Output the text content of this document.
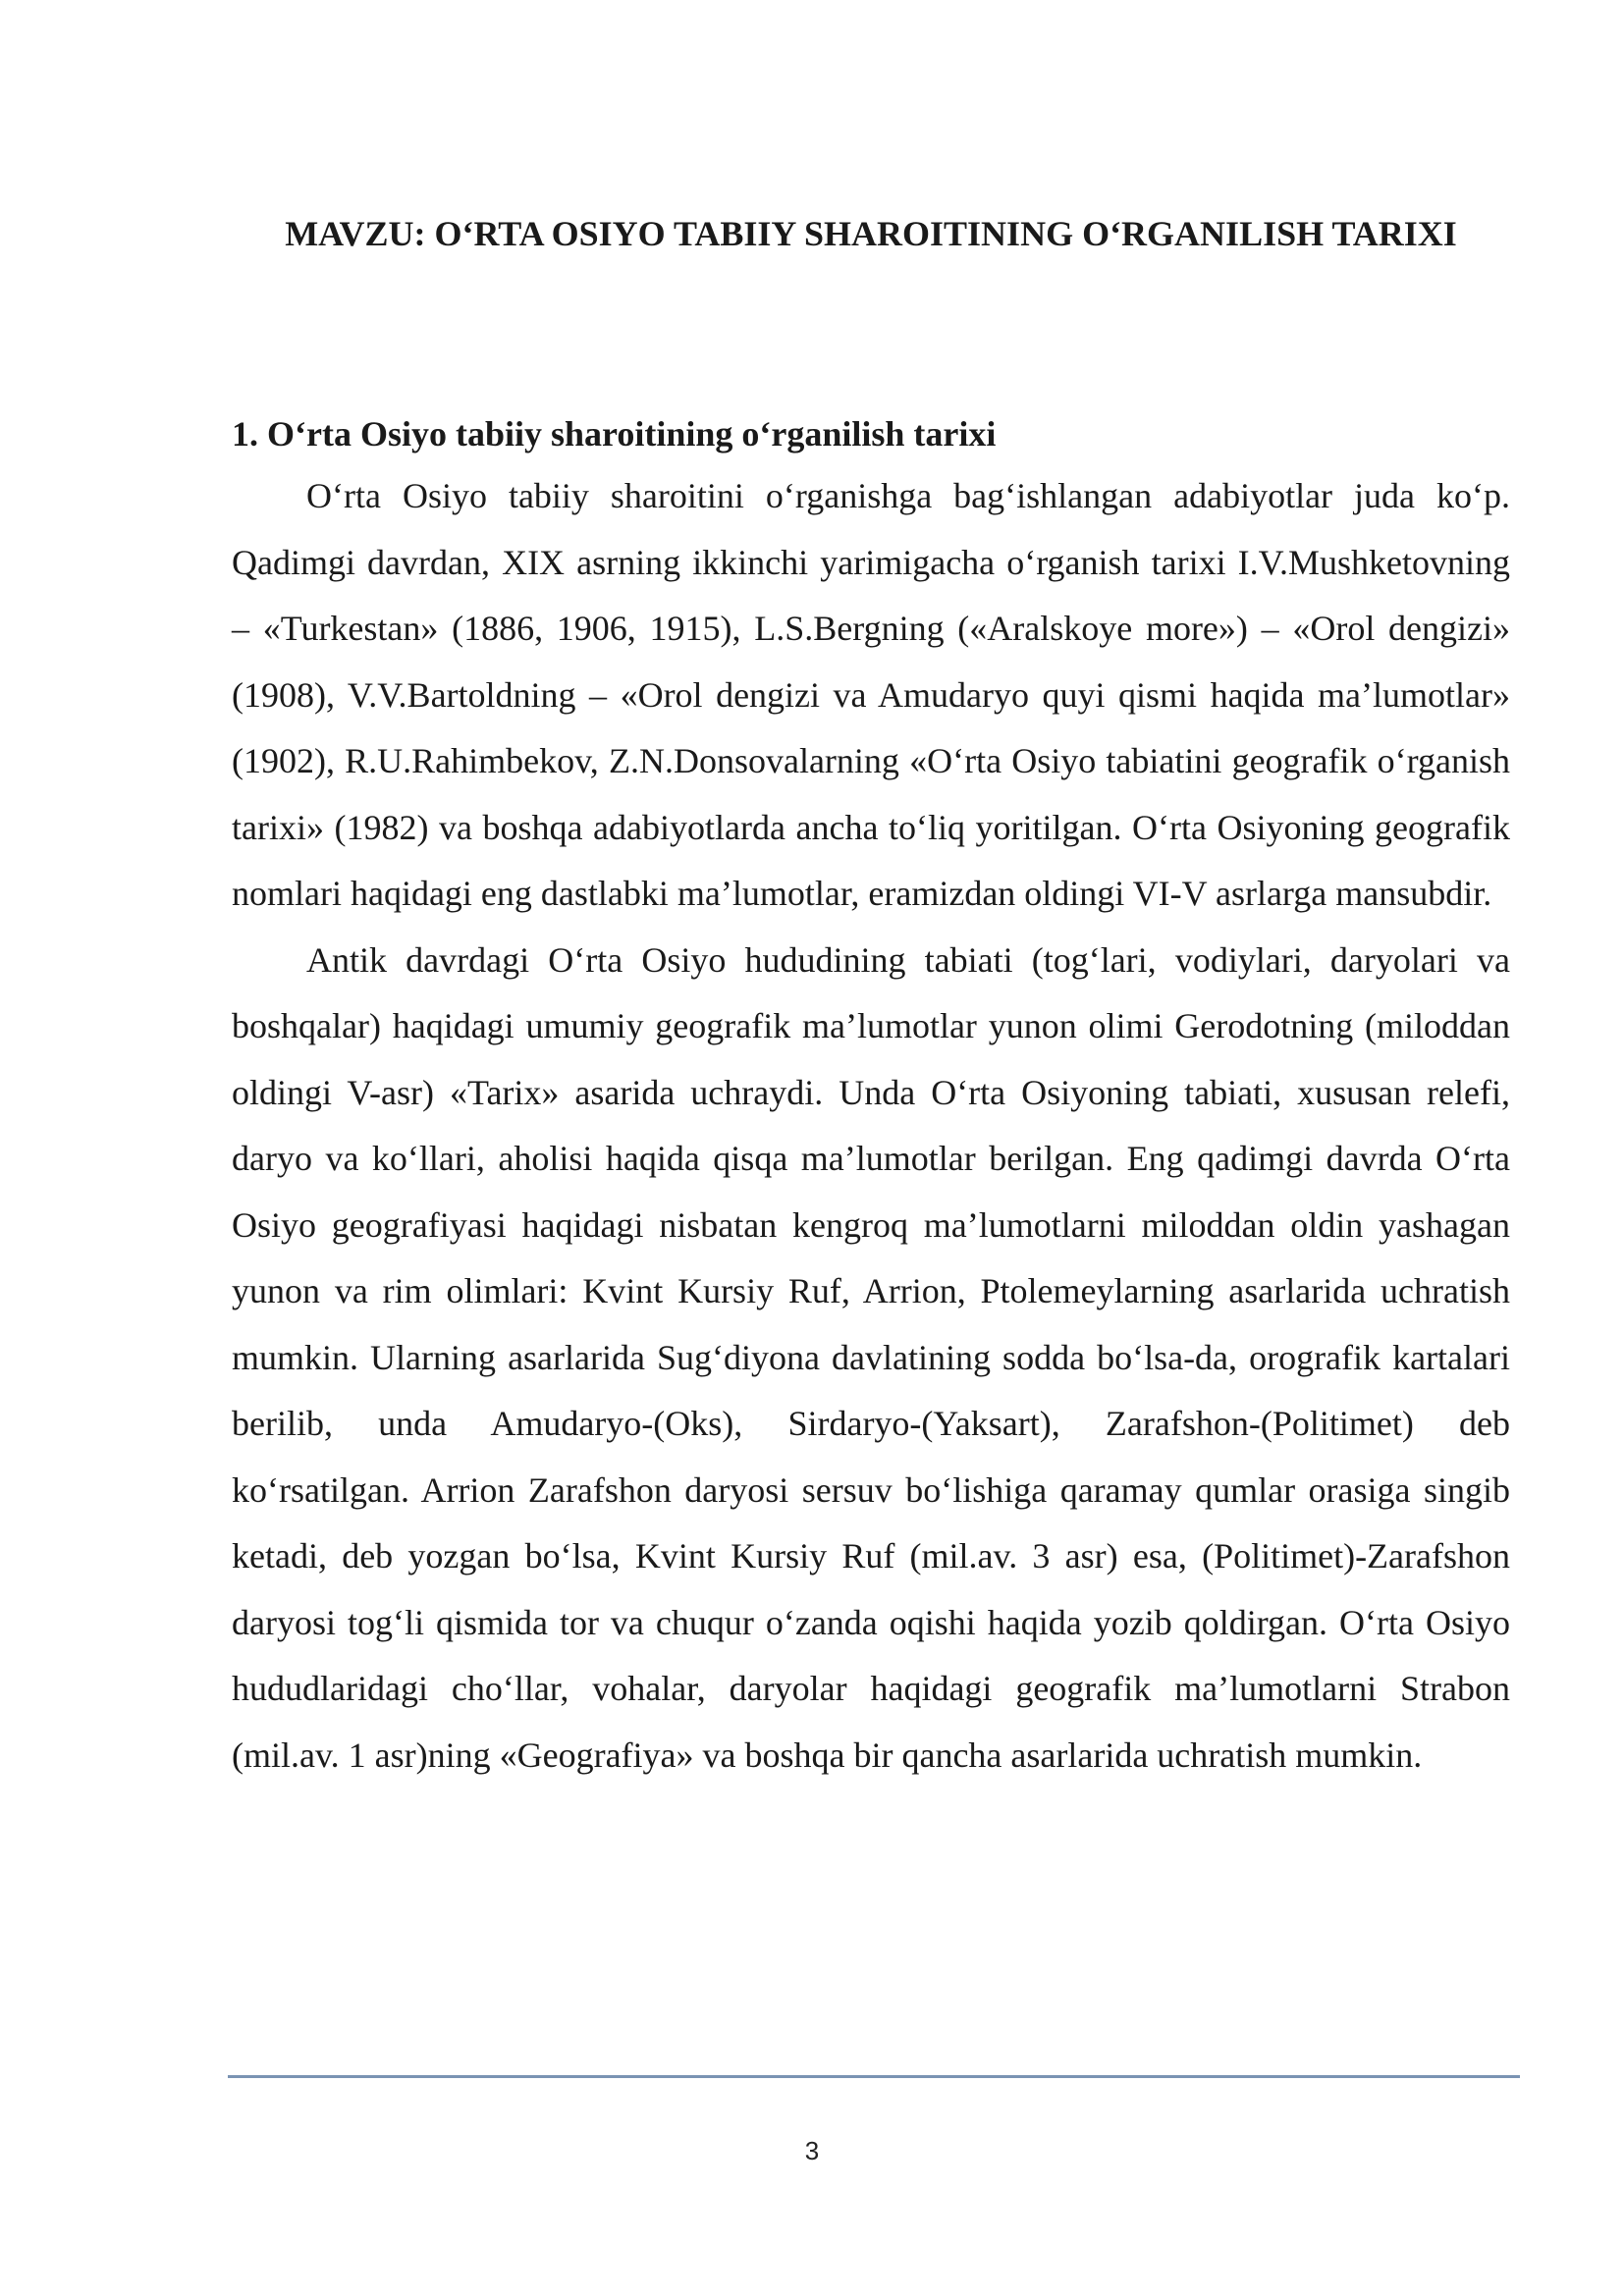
MAVZU: O‘RTA OSIYO TABIIY SHAROITINING O‘RGANILISH TARIXI
1. O‘rta Osiyo tabiiy sharoitining o‘rganilish tarixi

O‘rta Osiyo tabiiy sharoitini o‘rganishga bag‘ishlangan adabiyotlar juda ko‘p. Qadimgi davrdan, XIX asrning ikkinchi yarimigacha o‘rganish tarixi I.V.Mushketovning – «Turkestan» (1886, 1906, 1915), L.S.Bergning («Aralskoye more») – «Orol dengizi» (1908), V.V.Bartoldning – «Orol dengizi va Amudaryo quyi qismi haqida ma’lumotlar» (1902), R.U.Rahimbekov, Z.N.Donsovalarning «O‘rta Osiyo tabiatini geografik o‘rganish tarixi» (1982) va boshqa adabiyotlarda ancha to‘liq yoritilgan. O‘rta Osiyoning geografik nomlari haqidagi eng dastlabki ma’lumotlar, eramizdan oldingi VI-V asrlarga mansubdir.

Antik davrdagi O‘rta Osiyo hududining tabiati (tog‘lari, vodiylari, daryolari va boshqalar) haqidagi umumiy geografik ma’lumotlar yunon olimi Gerodotning (miloddan oldingi V-asr) «Tarix» asarida uchraydi. Unda O‘rta Osiyoning tabiati, xususan relefi, daryo va ko‘llari, aholisi haqida qisqa ma’lumotlar berilgan. Eng qadimgi davrda O‘rta Osiyo geografiyasi haqidagi nisbatan kengroq ma’lumotlarni miloddan oldin yashagan yunon va rim olimlari: Kvint Kursiy Ruf, Arrion, Ptolemeylarning asarlarida uchratish mumkin. Ularning asarlarida Sug‘diyona davlatining sodda bo‘lsa-da, orografik kartalari berilib, unda Amudaryo-(Oks), Sirdaryo-(Yaksart), Zarafshon-(Politimet) deb ko‘rsatilgan. Arrion Zarafshon daryosi sersuv bo‘lishiga qaramay qumlar orasiga singib ketadi, deb yozgan bo‘lsa, Kvint Kursiy Ruf (mil.av. 3 asr) esa, (Politimet)-Zarafshon daryosi tog‘li qismida tor va chuqur o‘zanda oqishi haqida yozib qoldirgan. O‘rta Osiyo hududlaridagi cho‘llar, vohalar, daryolar haqidagi geografik ma’lumotlarni Strabon (mil.av. 1 asr)ning «Geografiya» va boshqa bir qancha asarlarida uchratish mumkin.

3
